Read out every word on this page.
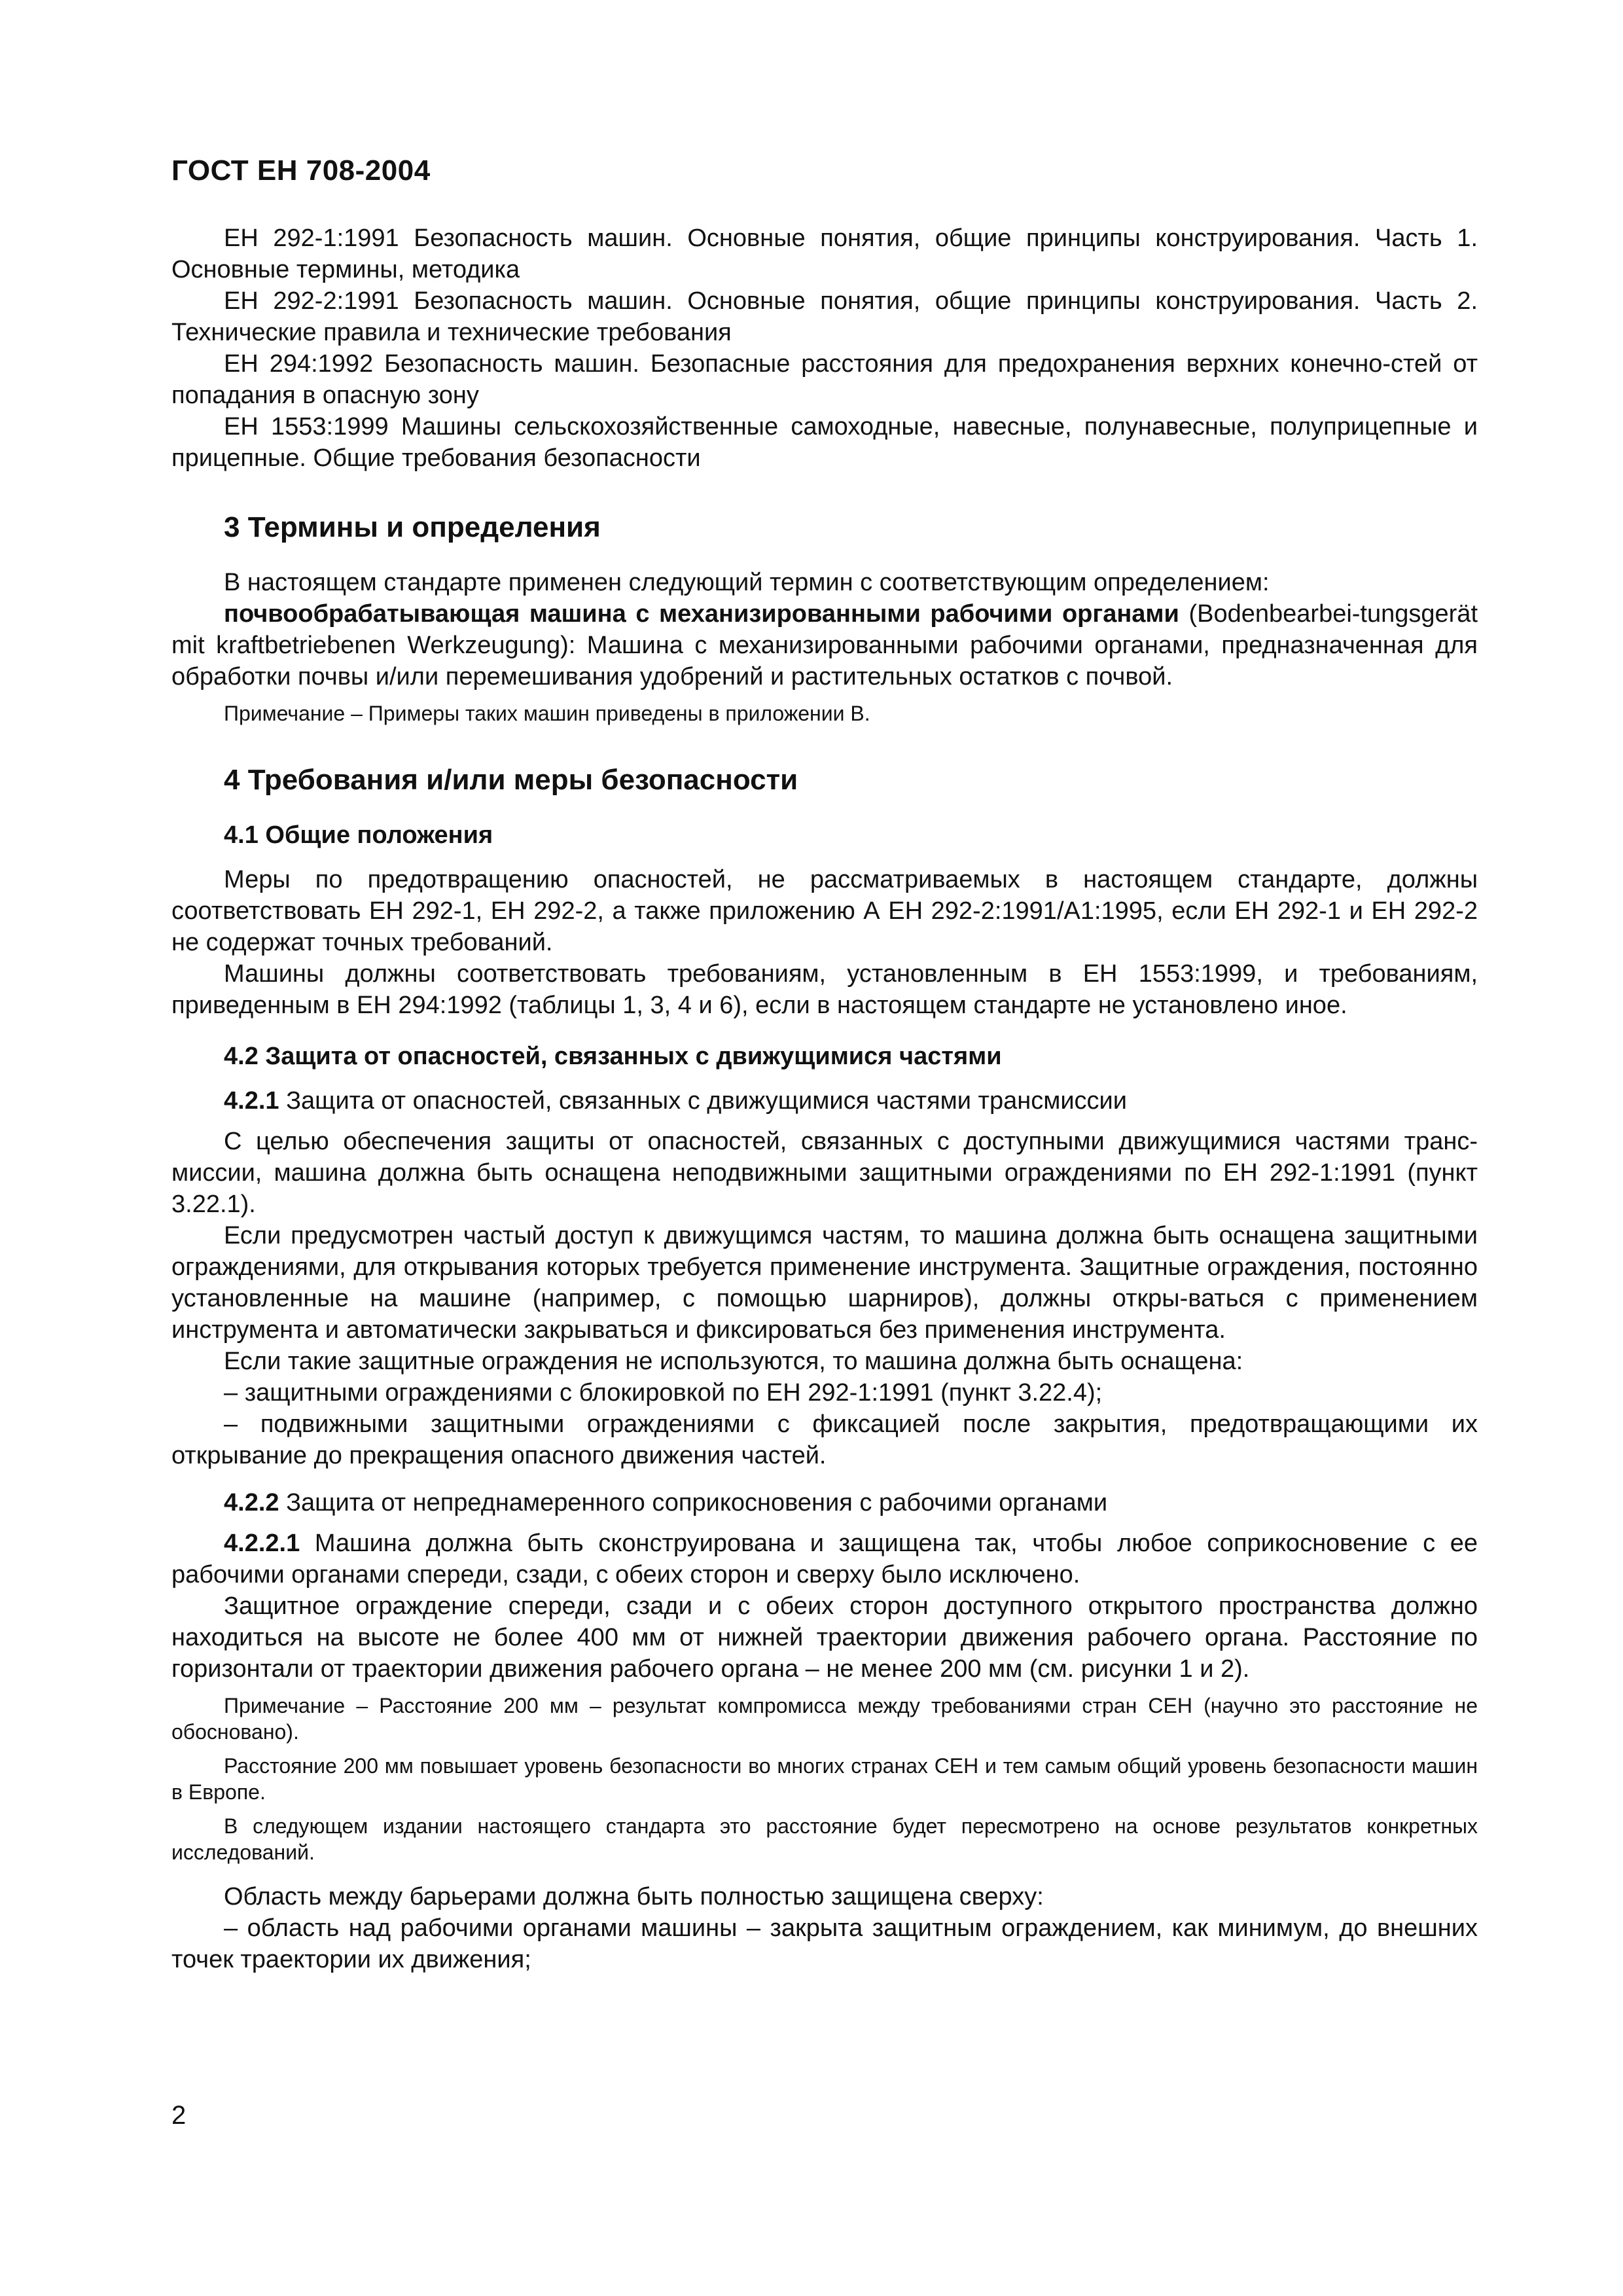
ГОСТ ЕН 708-2004

ЕН 292-1:1991 Безопасность машин. Основные понятия, общие принципы конструирования. Часть 1. Основные термины, методика

ЕН 292-2:1991 Безопасность машин. Основные понятия, общие принципы конструирования. Часть 2. Технические правила и технические требования

ЕН 294:1992 Безопасность машин. Безопасные расстояния для предохранения верхних конечно-стей от попадания в опасную зону

ЕН 1553:1999 Машины сельскохозяйственные самоходные, навесные, полунавесные, полуприцепные и прицепные. Общие требования безопасности

3 Термины и определения

В настоящем стандарте применен следующий термин с соответствующим определением:

почвообрабатывающая машина с механизированными рабочими органами (Bodenbearbei-tungsgerät mit kraftbetriebenen Werkzeugung): Машина с механизированными рабочими органами, предназначенная для обработки почвы и/или перемешивания удобрений и растительных остатков с почвой.

Примечание – Примеры таких машин приведены в приложении В.

4 Требования и/или меры безопасности
4.1 Общие положения

Меры по предотвращению опасностей, не рассматриваемых в настоящем стандарте, должны соответствовать ЕН 292-1, ЕН 292-2, а также приложению А ЕН 292-2:1991/А1:1995, если ЕН 292-1 и ЕН 292-2 не содержат точных требований.

Машины должны соответствовать требованиям, установленным в ЕН 1553:1999, и требованиям, приведенным в ЕН 294:1992 (таблицы 1, 3, 4 и 6), если в настоящем стандарте не установлено иное.

4.2 Защита от опасностей, связанных с движущимися частями

4.2.1 Защита от опасностей, связанных с движущимися частями трансмиссии

С целью обеспечения защиты от опасностей, связанных с доступными движущимися частями транс-миссии, машина должна быть оснащена неподвижными защитными ограждениями по ЕН 292-1:1991 (пункт 3.22.1).

Если предусмотрен частый доступ к движущимся частям, то машина должна быть оснащена защитными ограждениями, для открывания которых требуется применение инструмента. Защитные ограждения, постоянно установленные на машине (например, с помощью шарниров), должны откры-ваться с применением инструмента и автоматически закрываться и фиксироваться без применения инструмента.

Если такие защитные ограждения не используются, то машина должна быть оснащена:

– защитными ограждениями с блокировкой по ЕН 292-1:1991 (пункт 3.22.4);

– подвижными защитными ограждениями с фиксацией после закрытия, предотвращающими их открывание до прекращения опасного движения частей.

4.2.2 Защита от непреднамеренного соприкосновения с рабочими органами

4.2.2.1 Машина должна быть сконструирована и защищена так, чтобы любое соприкосновение с ее рабочими органами спереди, сзади, с обеих сторон и сверху было исключено.

Защитное ограждение спереди, сзади и с обеих сторон доступного открытого пространства должно находиться на высоте не более 400 мм от нижней траектории движения рабочего органа. Расстояние по горизонтали от траектории движения рабочего органа – не менее 200 мм (см. рисунки 1 и 2).

Примечание – Расстояние 200 мм – результат компромисса между требованиями стран СЕН (научно это расстояние не обосновано).

Расстояние 200 мм повышает уровень безопасности во многих странах СЕН и тем самым общий уровень безопасности машин в Европе.

В следующем издании настоящего стандарта это расстояние будет пересмотрено на основе результатов конкретных исследований.

Область между барьерами должна быть полностью защищена сверху:

– область над рабочими органами машины – закрыта защитным ограждением, как минимум, до внешних точек траектории их движения;

2
